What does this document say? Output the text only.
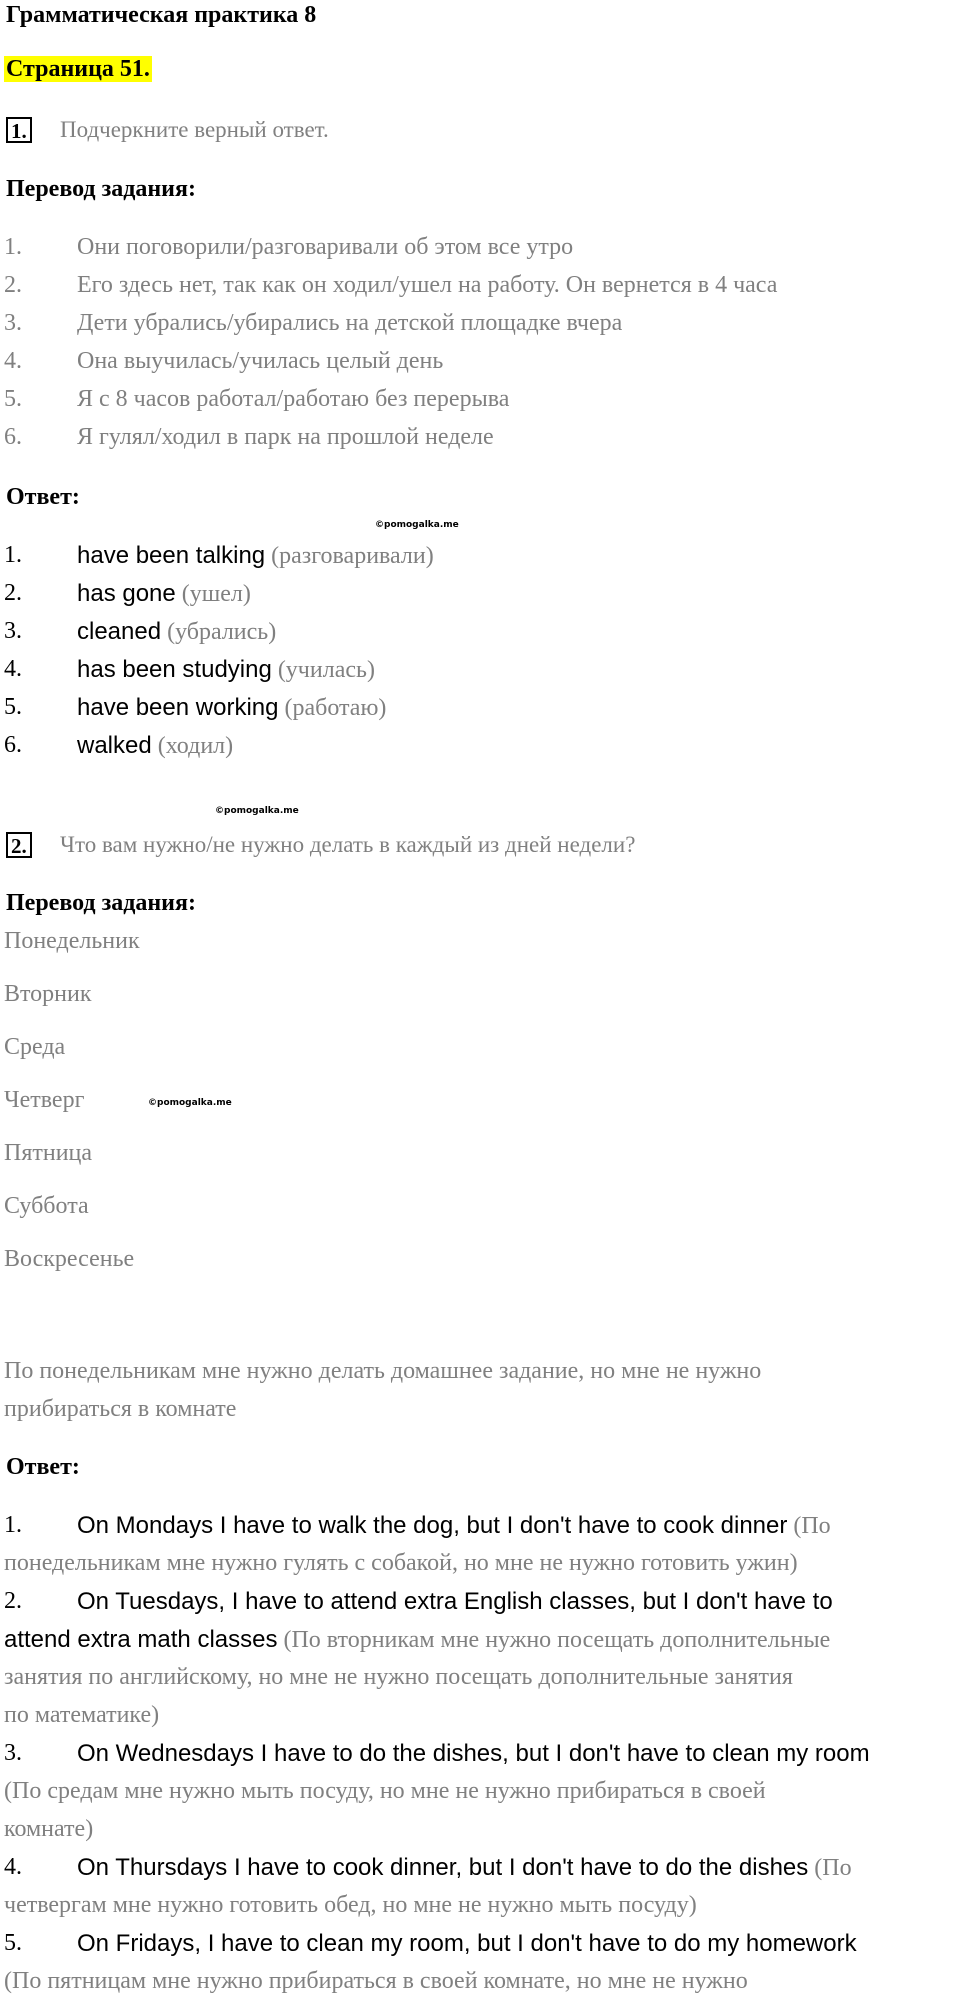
Грамматическая практика 8
Страница 51.
1. Подчеркните верный ответ.
Перевод задания:
1. Они поговорили/разговаривали об этом все утро
2. Его здесь нет, так как он ходил/ушел на работу. Он вернется в 4 часа
3. Дети убрались/убирались на детской площадке вчера
4. Она выучилась/училась целый день
5. Я с 8 часов работал/работаю без перерыва
6. Я гулял/ходил в парк на прошлой неделе
Ответ:
©pomogalka.me
1. have been talking (разговаривали)
2. has gone (ушел)
3. cleaned (убрались)
4. has been studying (училась)
5. have been working (работаю)
6. walked (ходил)
©pomogalka.me
2. Что вам нужно/не нужно делать в каждый из дней недели?
Перевод задания:
Понедельник
Вторник
Среда
Четверг
Пятница
Суббота
Воскресенье
©pomogalka.me
По понедельникам мне нужно делать домашнее задание, но мне не нужно
прибираться в комнате
Ответ:
1. On Mondays I have to walk the dog, but I don't have to cook dinner (По
понедельникам мне нужно гулять с собакой, но мне не нужно готовить ужин)
2. On Tuesdays, I have to attend extra English classes, but I don't have to
attend extra math classes (По вторникам мне нужно посещать дополнительные
занятия по английскому, но мне не нужно посещать дополнительные занятия
по математике)
3. On Wednesdays I have to do the dishes, but I don't have to clean my room
(По средам мне нужно мыть посуду, но мне не нужно прибираться в своей
комнате)
4. On Thursdays I have to cook dinner, but I don't have to do the dishes (По
четвергам мне нужно готовить обед, но мне не нужно мыть посуду)
5. On Fridays, I have to clean my room, but I don't have to do my homework
(По пятницам мне нужно прибираться в своей комнате, но мне не нужно
